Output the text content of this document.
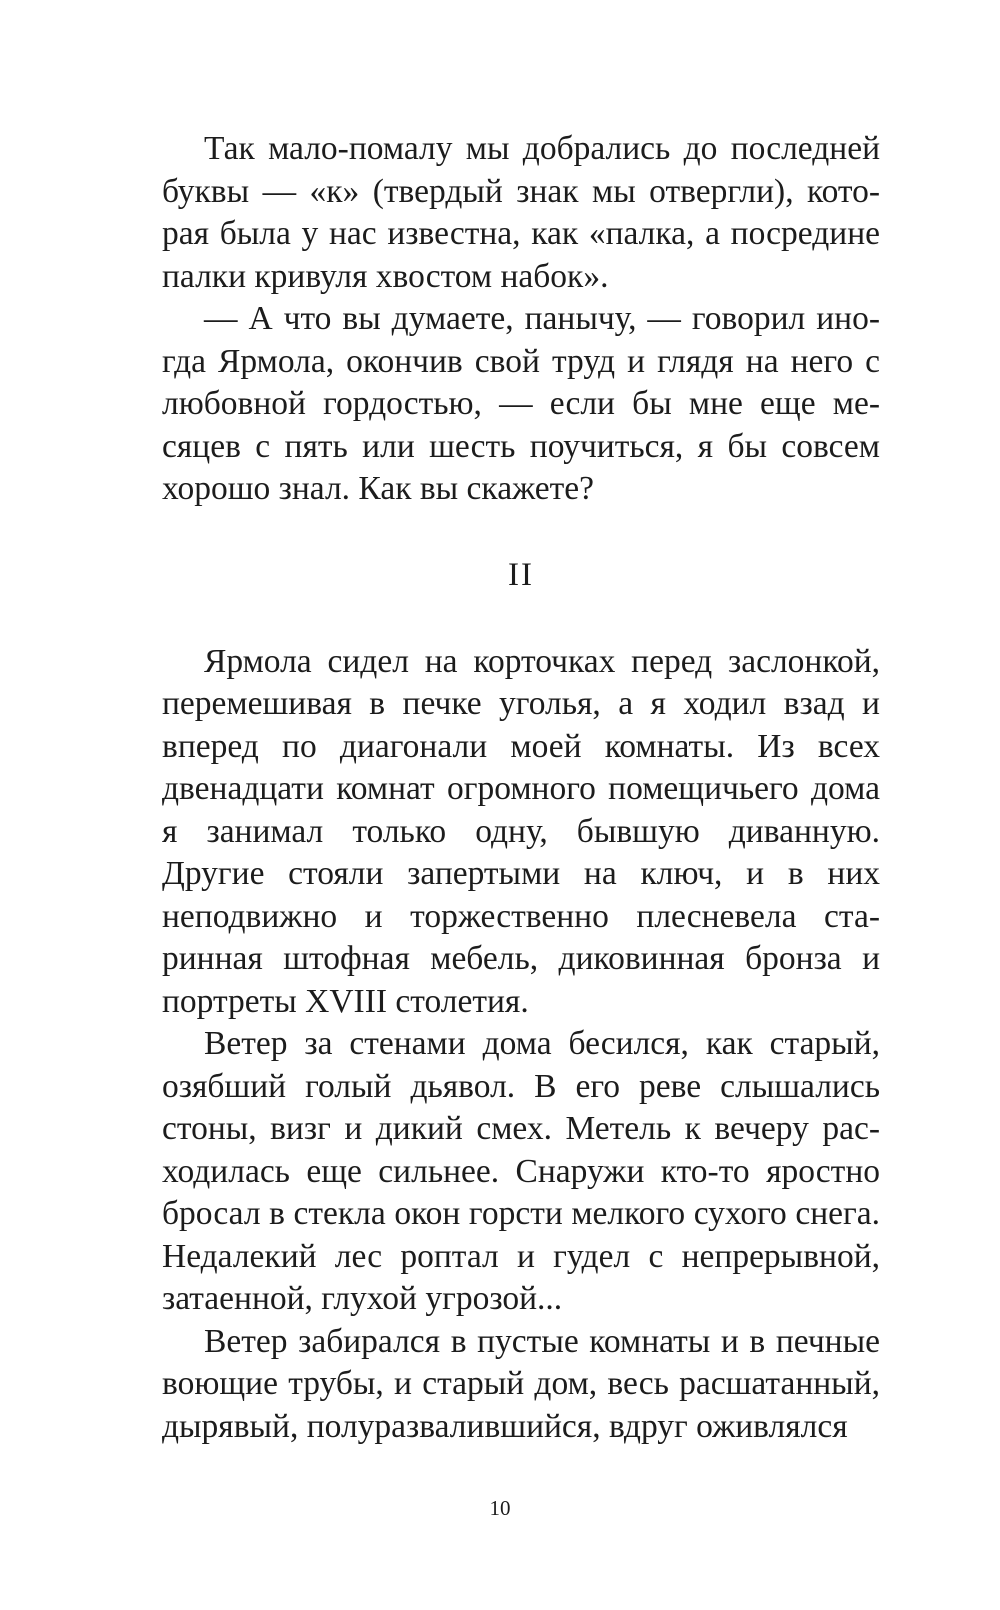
Так мало-помалу мы добрались до последней буквы — «к» (твердый знак мы отвергли), которая была у нас известна, как «палка, а посредине палки кривуля хвостом набок».

— А что вы думаете, панычу, — говорил иногда Ярмола, окончив свой труд и глядя на него с любовной гордостью, — если бы мне еще месяцев с пять или шесть поучиться, я бы совсем хорошо знал. Как вы скажете?

II

Ярмола сидел на корточках перед заслонкой, перемешивая в печке уголья, а я ходил взад и вперед по диагонали моей комнаты. Из всех двенадцати комнат огромного помещичьего дома я занимал только одну, бывшую диванную. Другие стояли запертыми на ключ, и в них неподвижно и торжественно плесневела старинная штофная мебель, диковинная бронза и портреты XVIII столетия.

Ветер за стенами дома бесился, как старый, озябший голый дьявол. В его реве слышались стоны, визг и дикий смех. Метель к вечеру расходилась еще сильнее. Снаружи кто-то яростно бросал в стекла окон горсти мелкого сухого снега. Недалекий лес роптал и гудел с непрерывной, затаенной, глухой угрозой...

Ветер забирался в пустые комнаты и в печные воющие трубы, и старый дом, весь расшатанный, дырявый, полуразвалившийся, вдруг оживлялся

10
